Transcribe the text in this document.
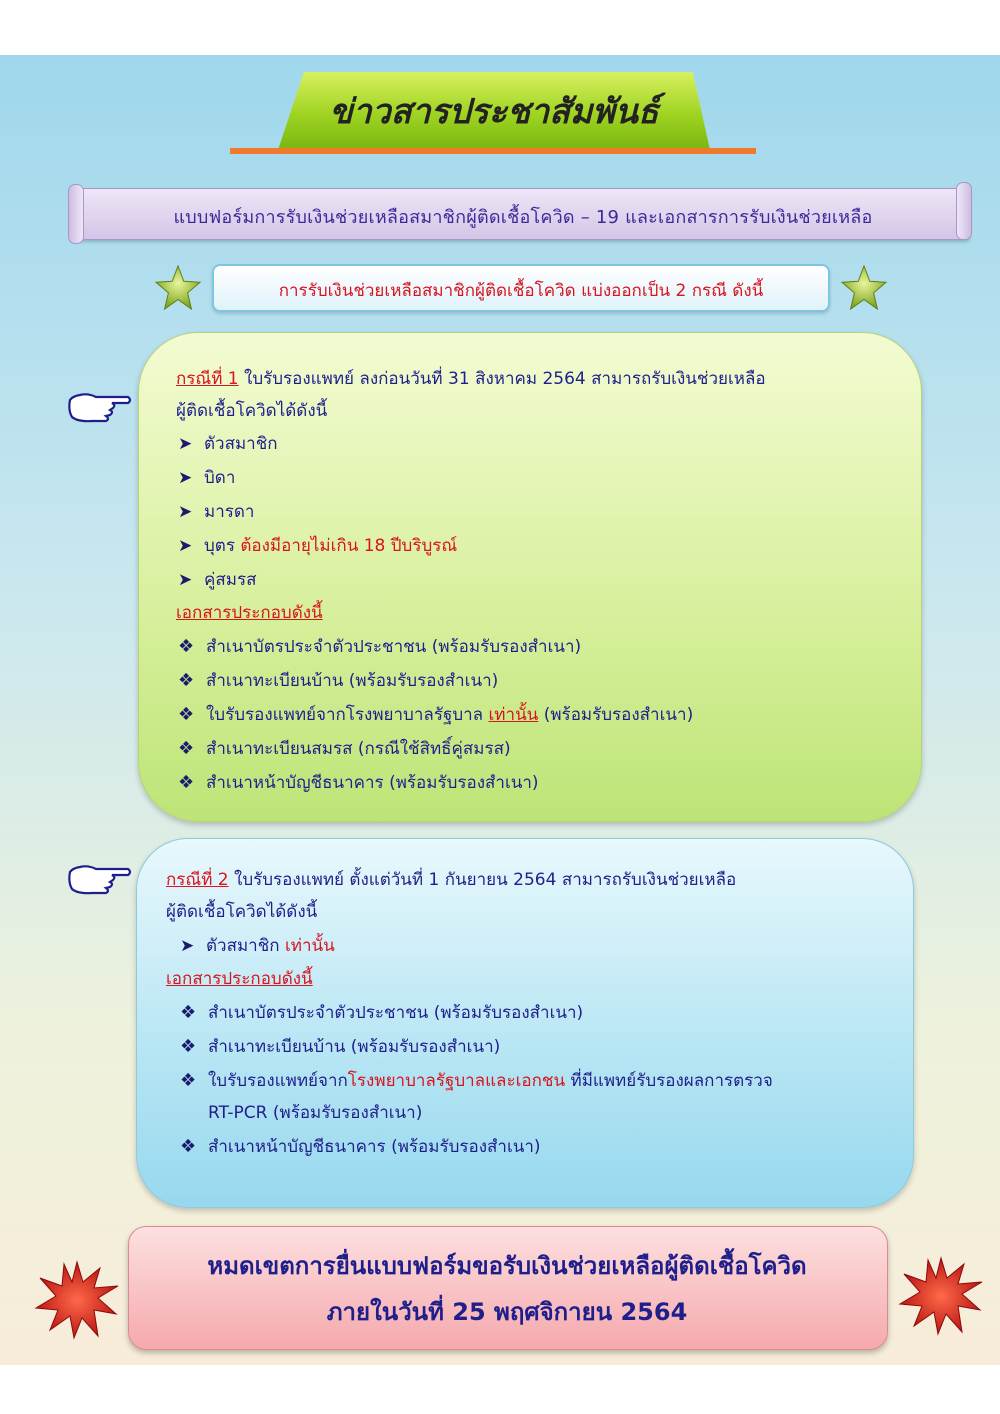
ข่าวสารประชาสัมพันธ์
แบบฟอร์มการรับเงินช่วยเหลือสมาชิกผู้ติดเชื้อโควิด – 19 และเอกสารการรับเงินช่วยเหลือ
การรับเงินช่วยเหลือสมาชิกผู้ติดเชื้อโควิด แบ่งออกเป็น 2 กรณี ดังนี้
กรณีที่ 1 ใบรับรองแพทย์ ลงก่อนวันที่ 31 สิงหาคม 2564 สามารถรับเงินช่วยเหลือ
ผู้ติดเชื้อโควิดได้ดังนี้
➤ ตัวสมาชิก
➤ บิดา
➤ มารดา
➤ บุตร ต้องมีอายุไม่เกิน 18 ปีบริบูรณ์
➤ คู่สมรส
เอกสารประกอบดังนี้
❖ สำเนาบัตรประจำตัวประชาชน (พร้อมรับรองสำเนา)
❖ สำเนาทะเบียนบ้าน (พร้อมรับรองสำเนา)
❖ ใบรับรองแพทย์จากโรงพยาบาลรัฐบาล เท่านั้น (พร้อมรับรองสำเนา)
❖ สำเนาทะเบียนสมรส (กรณีใช้สิทธิ์คู่สมรส)
❖ สำเนาหน้าบัญชีธนาคาร (พร้อมรับรองสำเนา)
กรณีที่ 2 ใบรับรองแพทย์ ตั้งแต่วันที่ 1 กันยายน 2564 สามารถรับเงินช่วยเหลือ
ผู้ติดเชื้อโควิดได้ดังนี้
➤ ตัวสมาชิก เท่านั้น
เอกสารประกอบดังนี้
❖ สำเนาบัตรประจำตัวประชาชน (พร้อมรับรองสำเนา)
❖ สำเนาทะเบียนบ้าน (พร้อมรับรองสำเนา)
❖ ใบรับรองแพทย์จากโรงพยาบาลรัฐบาลและเอกชน ที่มีแพทย์รับรองผลการตรวจ
RT-PCR (พร้อมรับรองสำเนา)
❖ สำเนาหน้าบัญชีธนาคาร (พร้อมรับรองสำเนา)
หมดเขตการยื่นแบบฟอร์มขอรับเงินช่วยเหลือผู้ติดเชื้อโควิด
ภายในวันที่ 25 พฤศจิกายน 2564
